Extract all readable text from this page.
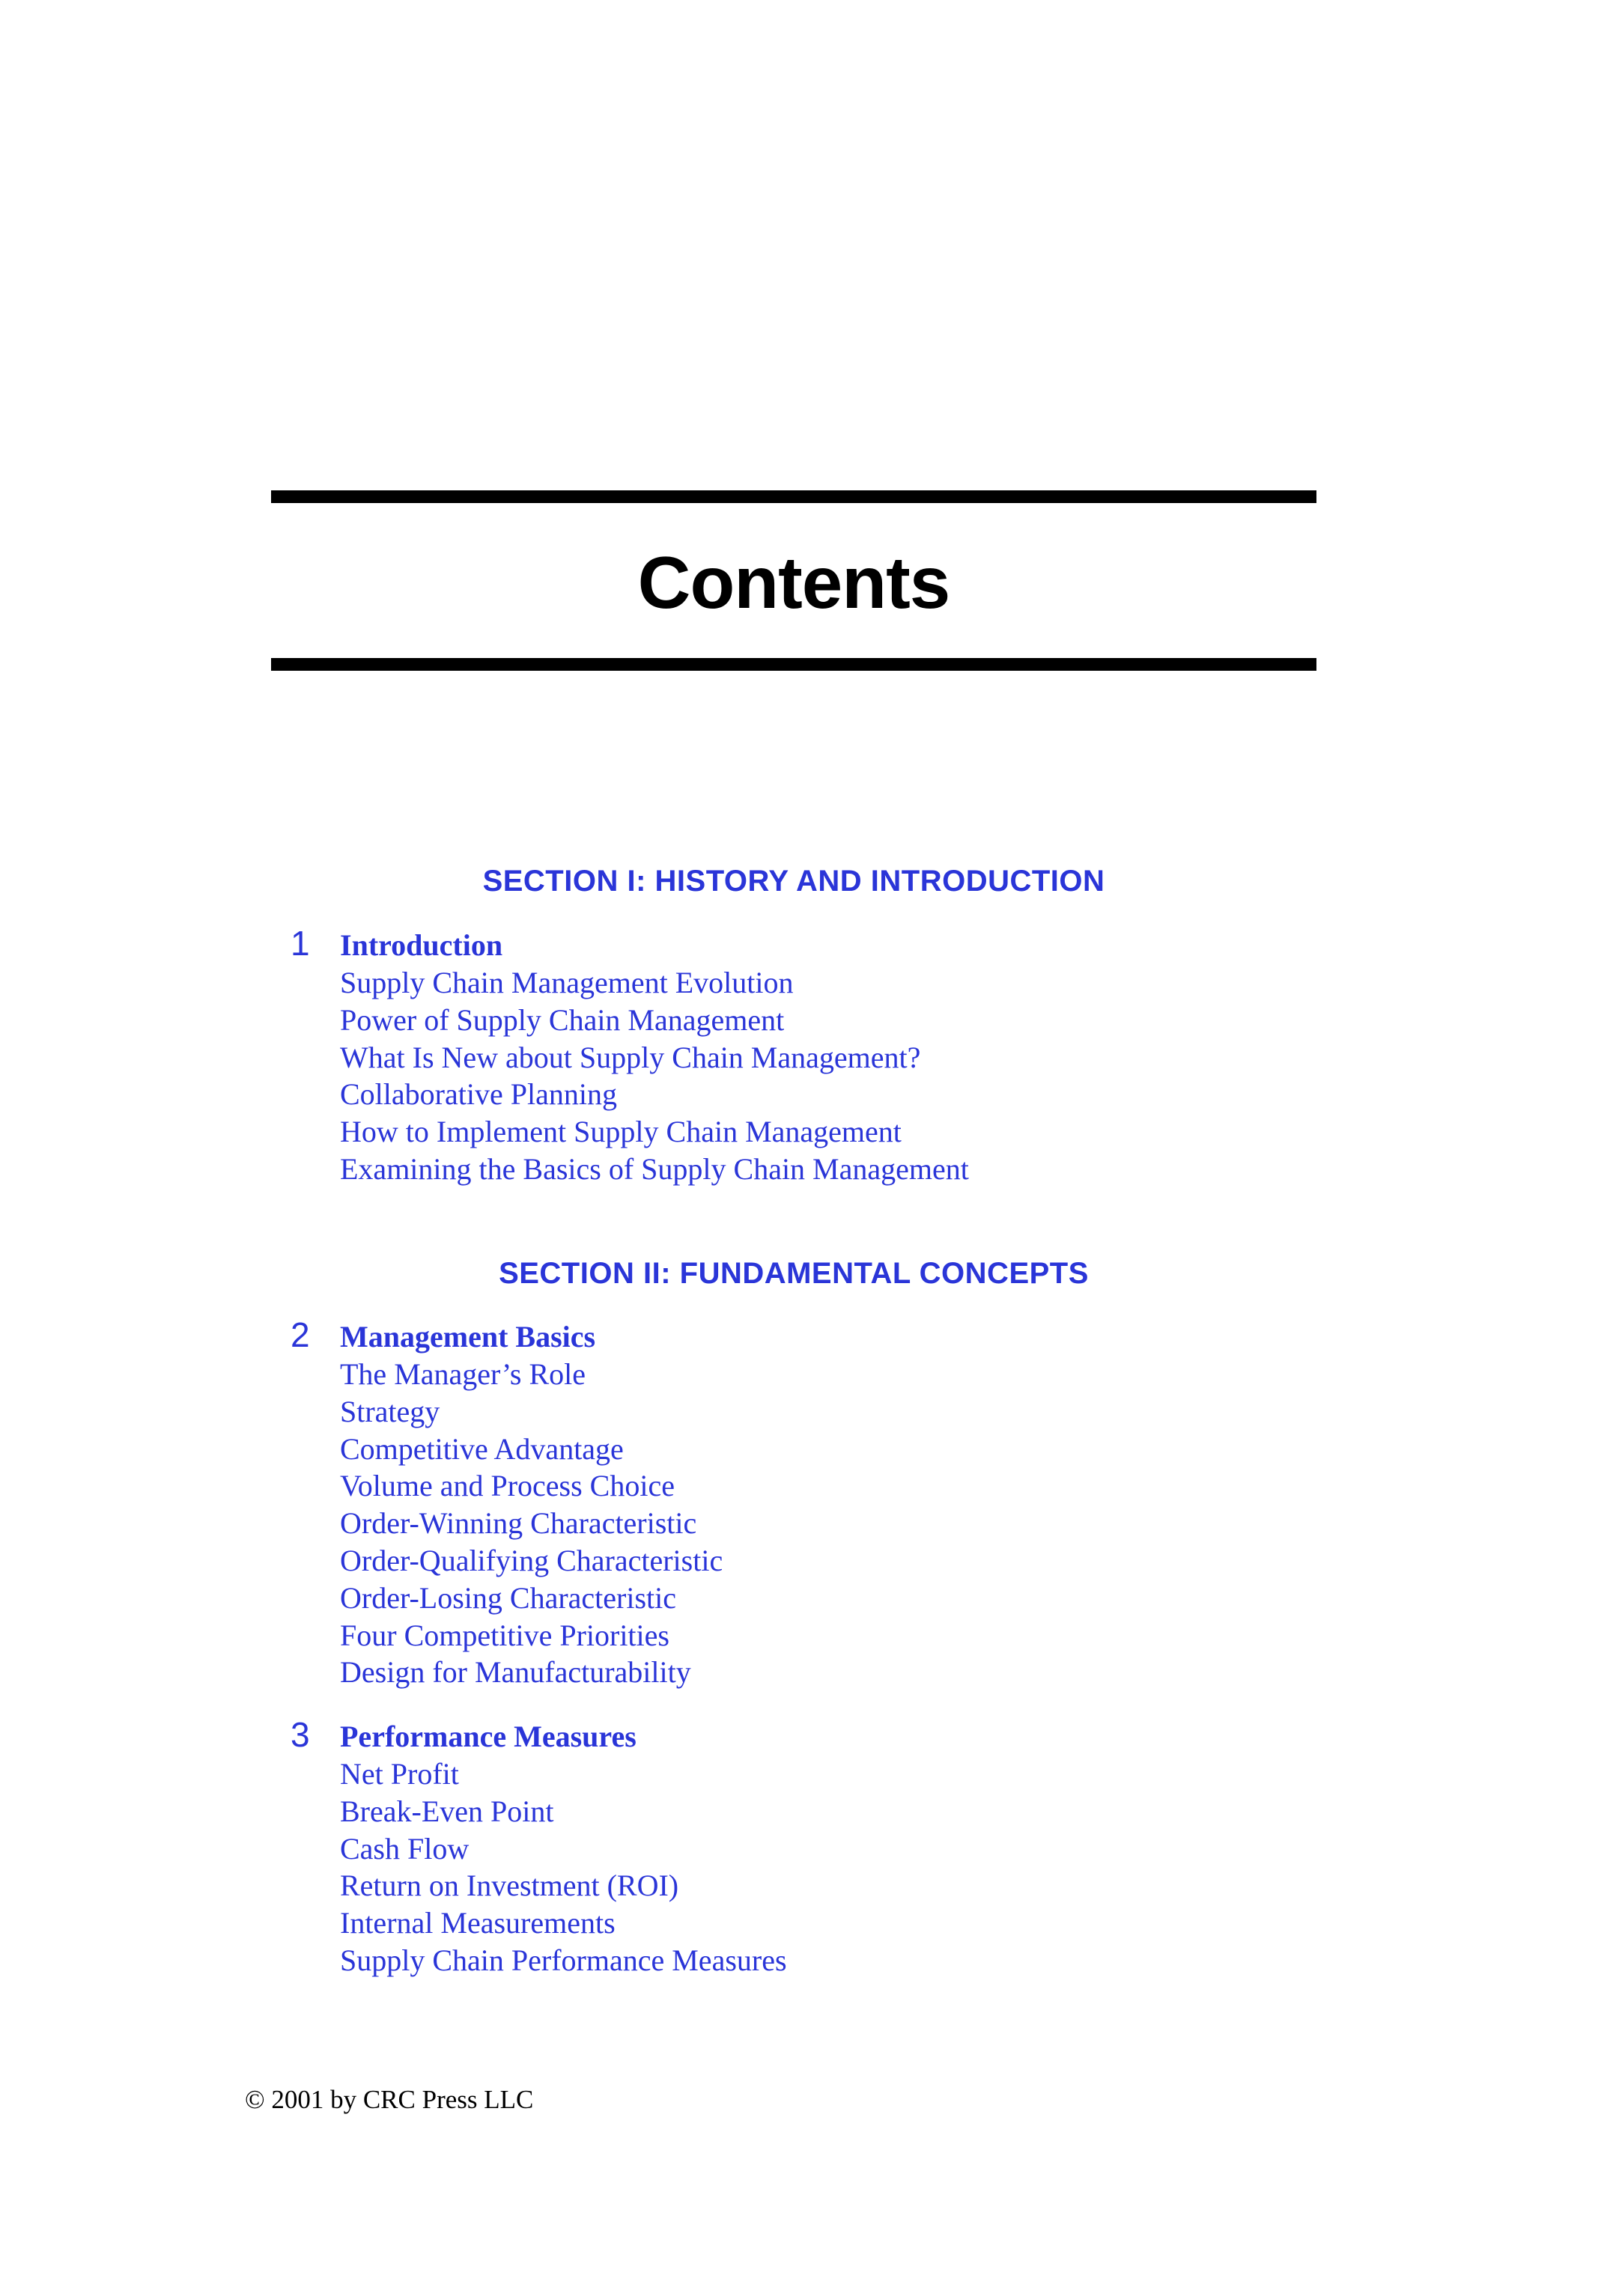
Contents
SECTION I: HISTORY AND INTRODUCTION
1 Introduction
Supply Chain Management Evolution
Power of Supply Chain Management
What Is New about Supply Chain Management?
Collaborative Planning
How to Implement Supply Chain Management
Examining the Basics of Supply Chain Management
SECTION II: FUNDAMENTAL CONCEPTS
2 Management Basics
The Manager’s Role
Strategy
Competitive Advantage
Volume and Process Choice
Order-Winning Characteristic
Order-Qualifying Characteristic
Order-Losing Characteristic
Four Competitive Priorities
Design for Manufacturability
3 Performance Measures
Net Profit
Break-Even Point
Cash Flow
Return on Investment (ROI)
Internal Measurements
Supply Chain Performance Measures
© 2001 by CRC Press LLC
